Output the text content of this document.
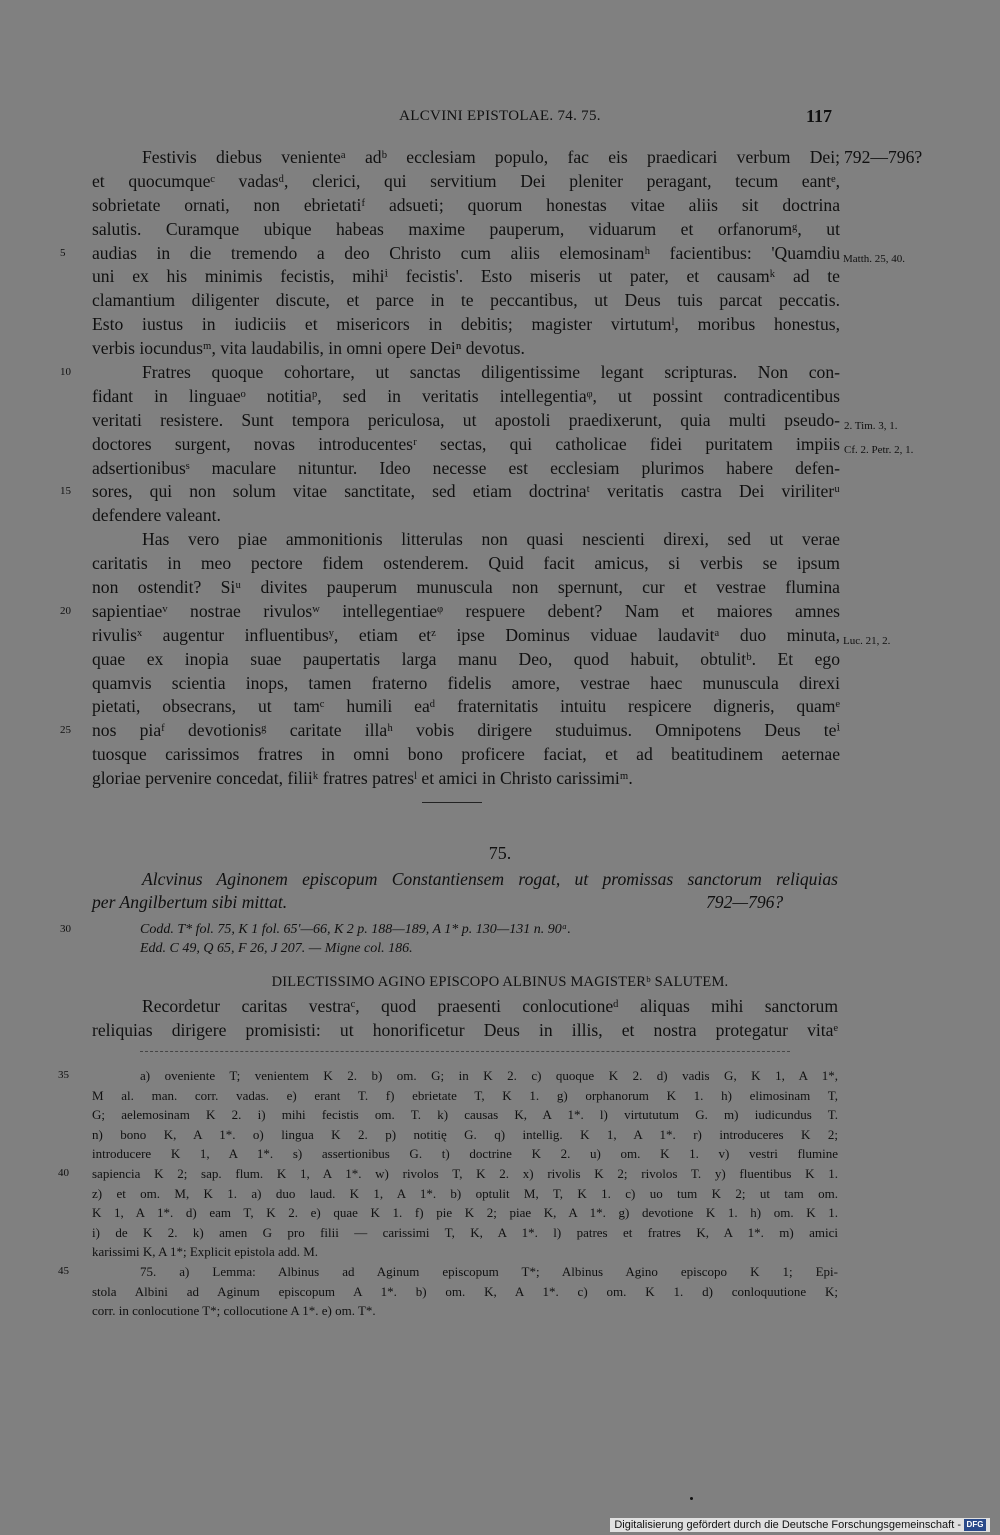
ALCVINI EPISTOLAE. 74. 75.	117
Festivis diebus venienteᵃ adᵇ ecclesiam populo, fac eis praedicari verbum Dei; 792—796?
et quocumqueᶜ vadasᵈ, clerici, qui servitium Dei pleniter peragant, tecum eantᵉ,
sobrietate ornati, non ebrietatiᶠ adsueti; quorum honestas vitae aliis sit doctrina
salutis. Curamque ubique habeas maxime pauperum, viduarum et orfanorumᵍ, ut
5 audias in die tremendo a deo Christo cum aliis elemosinamʰ facientibus: 'Quamdiu Matth. 25, 40.
uni ex his minimis fecistis, mihiⁱ fecistis'. Esto miseris ut pater, et causamᵏ ad te
clamantium diligenter discute, et parce in te peccantibus, ut Deus tuis parcat peccatis.
Esto iustus in iudiciis et misericors in debitis; magister virtutumˡ, moribus honestus,
verbis iocundusᵐ, vita laudabilis, in omni opere Deiⁿ devotus.
10	Fratres quoque cohortare, ut sanctas diligentissime legant scripturas. Non con-
fidant in linguaeᵒ notitiaᵖ, sed in veritatis intellegentiaᵠ, ut possint contradicentibus
veritati resistere. Sunt tempora periculosa, ut apostoli praedixerunt, quia multi pseudo- 2. Tim. 3, 1.
doctores surgent, novas introducentesʳ sectas, qui catholicae fidei puritatem impiis Cf. 2. Petr. 2, 1.
adsertionibusˢ maculare nituntur. Ideo necesse est ecclesiam plurimos habere defen-
15 sores, qui non solum vitae sanctitate, sed etiam doctrinaᵗ veritatis castra Dei viriliterᵘ
defendere valeant.
Has vero piae ammonitionis litterulas non quasi nescienti direxi, sed ut verae
caritatis in meo pectore fidem ostenderem. Quid facit amicus, si verbis se ipsum
non ostendit? Siᵘ divites pauperum munuscula non spernunt, cur et vestrae flumina
20 sapientiaeᵛ nostrae rivulosʷ intellegentiaeᵠ respuere debent? Nam et maiores amnes
rivulisˣ augentur influentibusʸ, etiam etᶻ ipse Dominus viduae laudavitᵃ duo minuta, Luc. 21, 2.
quae ex inopia suae paupertatis larga manu Deo, quod habuit, obtulitᵇ. Et ego
quamvis scientia inops, tamen fraterno fidelis amore, vestrae haec munuscula direxi
pietati, obsecrans, ut tamᶜ humili eaᵈ fraternitatis intuitu respicere digneris, quamᵉ
25 nos piaᶠ devotionisᵍ caritate illaʰ vobis dirigere studuimus. Omnipotens Deus teⁱ
tuosque carissimos fratres in omni bono proficere faciat, et ad beatitudinem aeternae
gloriae pervenire concedat, filiiᵏ fratres patresˡ et amici in Christo carissimiᵐ.
75.
Alcvinus Aginonem episcopum Constantiensem rogat, ut promissas sanctorum reliquias
per Angilbertum sibi mittat.	792—796?
30	Codd. T* fol. 75, K 1 fol. 65'—66, K 2 p. 188—189, A 1* p. 130—131 n. 90ᵃ.
Edd. C 49, Q 65, F 26, J 207. — Migne col. 186.
DILECTISSIMO AGINO EPISCOPO ALBINUS MAGISTERᵇ SALUTEM.
Recordetur caritas vestraᶜ, quod praesenti conlocutioneᵈ aliquas mihi sanctorum
reliquias dirigere promisisti: ut honorificetur Deus in illis, et nostra protegatur vitaᵉ
35	a) oveniente T; venientem K 2. b) om. G; in K 2. c) quoque K 2. d) vadis G, K 1, A 1*,
M al. man. corr. vadas. e) erant T. f) ebrietate T, K 1. g) orphanorum K 1. h) elimosinam T,
G; aelemosinam K 2. i) mihi fecistis om. T. k) causas K, A 1*. l) virtututum G. m) iudicundus T.
n) bono K, A 1*. o) lingua K 2. p) notitię G. q) intellig. K 1, A 1*. r) introduceres K 2;
introducere K 1, A 1*. s) assertionibus G. t) doctrine K 2. u) om. K 1. v) vestri flumine
40 sapiencia K 2; sap. flum. K 1, A 1*. w) rivolos T, K 2. x) rivolis K 2; rivolos T. y) fluentibus K 1.
z) et om. M, K 1. a) duo laud. K 1, A 1*. b) optulit M, T, K 1. c) uo tum K 2; ut tam om.
K 1, A 1*. d) eam T, K 2. e) quae K 1. f) pie K 2; piae K, A 1*. g) devotione K 1. h) om. K 1.
i) de K 2. k) amen G pro filii — carissimi T, K, A 1*. l) patres et fratres K, A 1*. m) amici
karissimi K, A 1*; Explicit epistola add. M.
45	75. a) Lemma: Albinus ad Aginum episcopum T*; Albinus Agino episcopo K 1; Epi-
stola Albini ad Aginum episcopum A 1*. b) om. K, A 1*. c) om. K 1. d) conloquutione K;
corr. in conlocutione T*; collocutione A 1*. e) om. T*.
Digitalisierung gefördert durch die Deutsche Forschungsgemeinschaft - DFG
